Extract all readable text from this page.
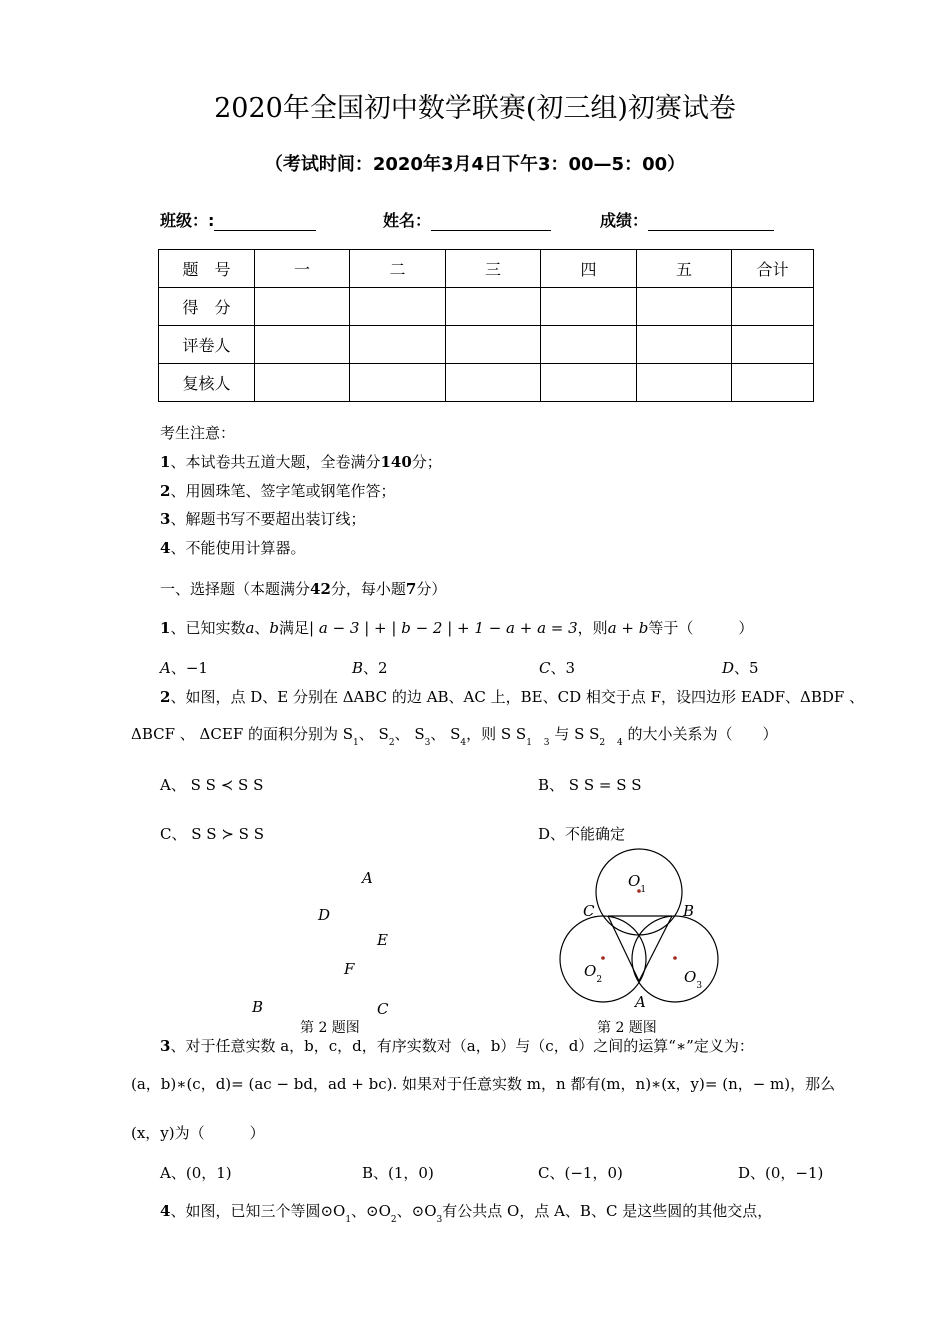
2020年全国初中数学联赛(初三组)初赛试卷
（考试时间：2020年3月4日下午3：00—5：00）
班级：:	姓名：	成绩：
题　号	一	二	三	四	五	合计
得　分						
评卷人						
复核人						
考生注意：
1、本试卷共五道大题，全卷满分140分；
2、用圆珠笔、签字笔或钢笔作答；
3、解题书写不要超出装订线；
4、不能使用计算器。
一、选择题（本题满分42分，每小题7分）
1、已知实数a、b满足| a − 3 | + | b − 2 | + 1 − a + a = 3，则a + b等于（　　　）
A、−1	B、2	C、3	D、5
2、如图，点 D、E 分别在 ΔABC 的边 AB、AC 上，BE、CD 相交于点 F，设四边形 EADF、ΔBDF 、
ΔBCF 、 ΔCEF 的面积分别为 $S_1$、 $S_2$、 $S_3$、 $S_4$，则 S $S_{1 3}$ 与 S $S_{2 4}$ 的大小关系为（　　）
A、 S S ≺ S S	B、 S S = S S
C、 S S ≻ S S	D、不能确定
A
D
E
F
B	C
第 2 题图
$O_1$
C	B
$O_2$	$O_3$
A
第 2 题图
3、对于任意实数 a，b，c，d，有序实数对（a，b）与（c，d）之间的运算“∗”定义为：
(a，b)∗(c，d)= (ac − bd，ad + bc). 如果对于任意实数 m，n 都有(m，n)∗(x，y)= (n，− m)，那么
(x，y)为（　　　）
A、(0，1)	B、(1，0)	C、(−1，0)	D、(0，−1)
4、如图，已知三个等圆$⊙O_1$、$⊙O_2$、$⊙O_3$有公共点 O，点 A、B、C 是这些圆的其他交点，
